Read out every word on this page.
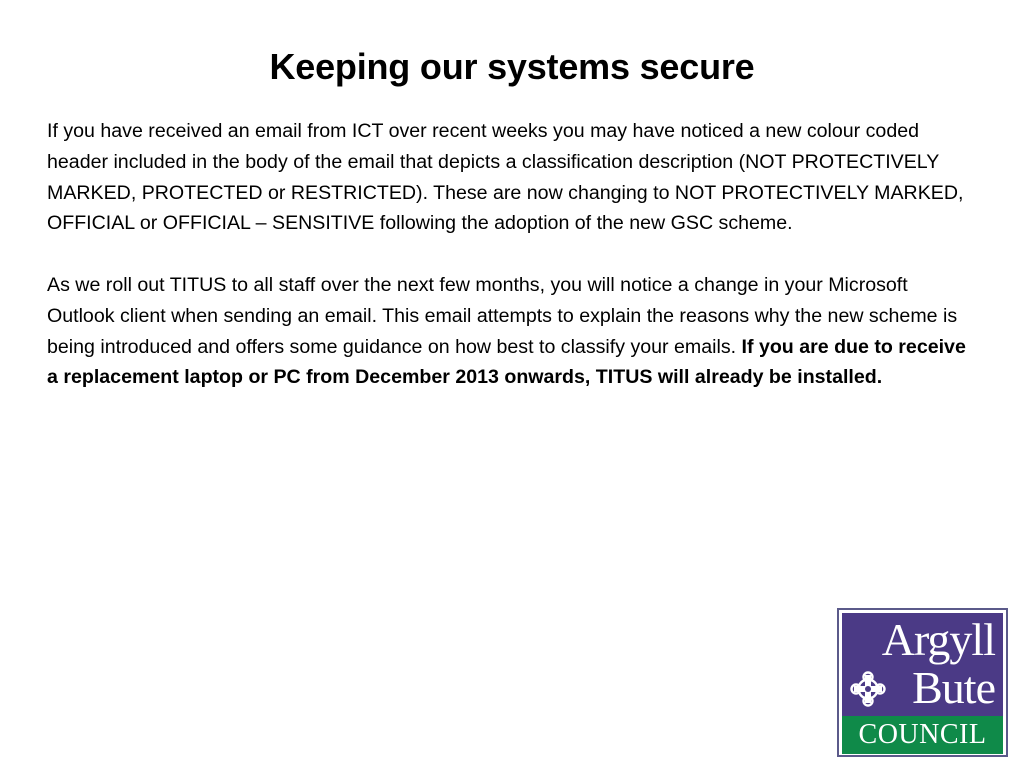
Keeping our systems secure

If you have received an email from ICT over recent weeks you may have noticed a new colour coded header included in the body of the email that depicts a classification description (NOT PROTECTIVELY MARKED, PROTECTED or RESTRICTED). These are now changing to NOT PROTECTIVELY MARKED, OFFICIAL or OFFICIAL – SENSITIVE following the adoption of the new GSC scheme.

As we roll out TITUS to all staff over the next few months, you will notice a change in your Microsoft Outlook client when sending an email. This email attempts to explain the reasons why the new scheme is being introduced and offers some guidance on how best to classify your emails. If you are due to receive a replacement laptop or PC from December 2013 onwards, TITUS will already be installed.

Argyll
Bute
COUNCIL
